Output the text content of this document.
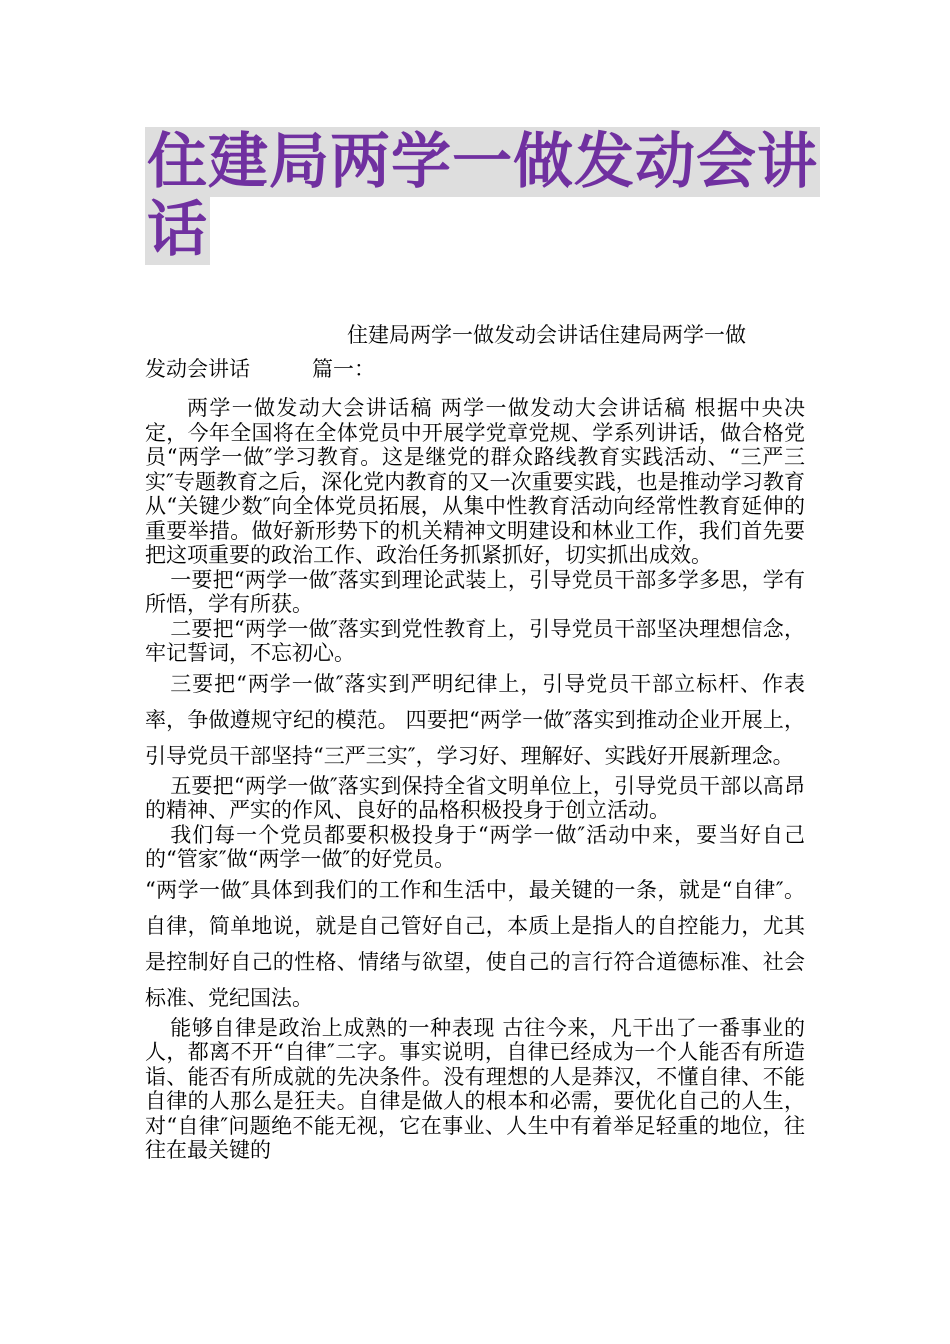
住建局两学一做发动会讲话
住建局两学一做发动会讲话住建局两学一做
发动会讲话	篇一：

两学一做发动大会讲话稿 两学一做发动大会讲话稿 根据中央决定，今年全国将在全体党员中开展学党章党规、学系列讲话，做合格党员“两学一做″学习教育。这是继党的群众路线教育实践活动、“三严三实″专题教育之后，深化党内教育的又一次重要实践，也是推动学习教育从“关键少数″向全体党员拓展，从集中性教育活动向经常性教育延伸的重要举措。做好新形势下的机关精神文明建设和林业工作，我们首先要把这项重要的政治工作、政治任务抓紧抓好，切实抓出成效。

一要把“两学一做″落实到理论武装上，引导党员干部多学多思，学有所悟，学有所获。

二要把“两学一做″落实到党性教育上，引导党员干部坚决理想信念，牢记誓词，不忘初心。

三要把“两学一做″落实到严明纪律上，引导党员干部立标杆、作表率，争做遵规守纪的模范。 四要把“两学一做″落实到推动企业开展上，引导党员干部坚持“三严三实″，学习好、理解好、实践好开展新理念。

五要把“两学一做″落实到保持全省文明单位上，引导党员干部以高昂的精神、严实的作风、良好的品格积极投身于创立活动。

我们每一个党员都要积极投身于“两学一做″活动中来，要当好自己的“管家″做“两学一做″的好党员。

“两学一做″具体到我们的工作和生活中，最关键的一条，就是“自律″。 自律，简单地说，就是自己管好自己，本质上是指人的自控能力，尤其是控制好自己的性格、情绪与欲望，使自己的言行符合道德标准、社会标准、党纪国法。

能够自律是政治上成熟的一种表现 古往今来，凡干出了一番事业的人，都离不开“自律″二字。事实说明，自律已经成为一个人能否有所造诣、能否有所成就的先决条件。没有理想的人是莽汉，不懂自律、不能自律的人那么是狂夫。自律是做人的根本和必需，要优化自己的人生，对“自律″问题绝不能无视，它在事业、人生中有着举足轻重的地位，往往在最关键的
